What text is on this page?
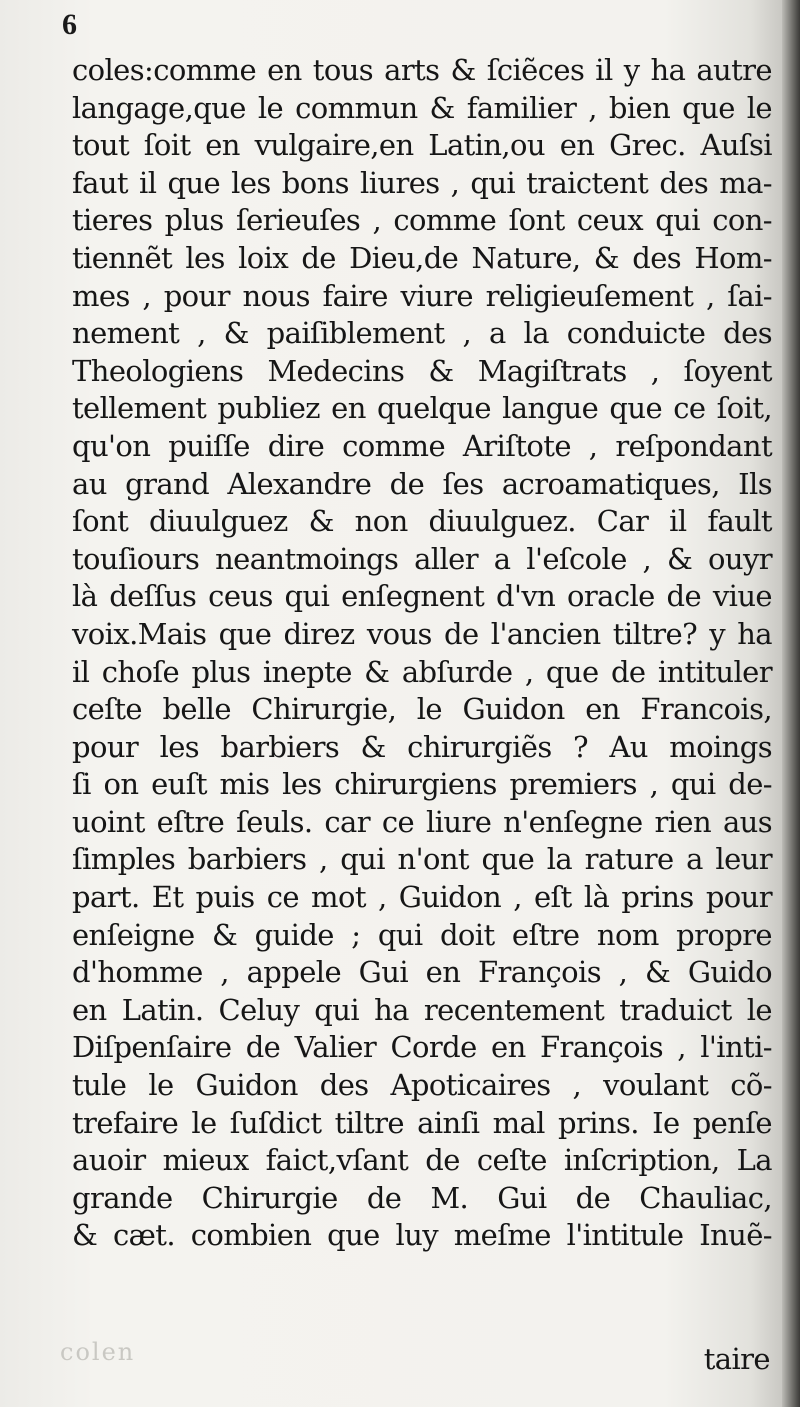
6
coles:comme en tous arts & ſciẽces il y ha autre
langage,que le commun & familier , bien que le
tout ſoit en vulgaire,en Latin,ou en Grec. Auſsi
faut il que les bons liures , qui traictent des ma-
tieres plus ſerieuſes , comme ſont ceux qui con-
tiennẽt les loix de Dieu,de Nature, & des Hom-
mes , pour nous faire viure religieuſement , ſai-
nement , & paiſiblement , a la conduicte des
Theologiens Medecins & Magiſtrats , ſoyent
tellement publiez en quelque langue que ce ſoit,
qu'on puiſſe dire comme Ariſtote , reſpondant
au grand Alexandre de ſes acroamatiques, Ils
ſont diuulguez & non diuulguez. Car il fault
touſiours neantmoings aller a l'eſcole , & ouyr
là deſſus ceus qui enſegnent d'vn oracle de viue
voix.Mais que direz vous de l'ancien tiltre? y ha
il choſe plus inepte & abſurde , que de intituler
ceſte belle Chirurgie, le Guidon en Francois,
pour les barbiers & chirurgiẽs ? Au moings
ſi on euſt mis les chirurgiens premiers , qui de-
uoint eſtre ſeuls. car ce liure n'enſegne rien aus
ſimples barbiers , qui n'ont que la rature a leur
part. Et puis ce mot , Guidon , eſt là prins pour
enſeigne & guide ; qui doit eſtre nom propre
d'homme , appele Gui en François , & Guido
en Latin. Celuy qui ha recentement traduict le
Diſpenſaire de Valier Corde en François , l'inti-
tule le Guidon des Apoticaires , voulant cõ-
trefaire le ſuſdict tiltre ainſi mal prins. Ie penſe
auoir mieux faict,vſant de ceſte inſcription, La
grande Chirurgie de M. Gui de Chauliac,
& cæt. combien que luy meſme l'intitule Inuẽ-
colen	taire
